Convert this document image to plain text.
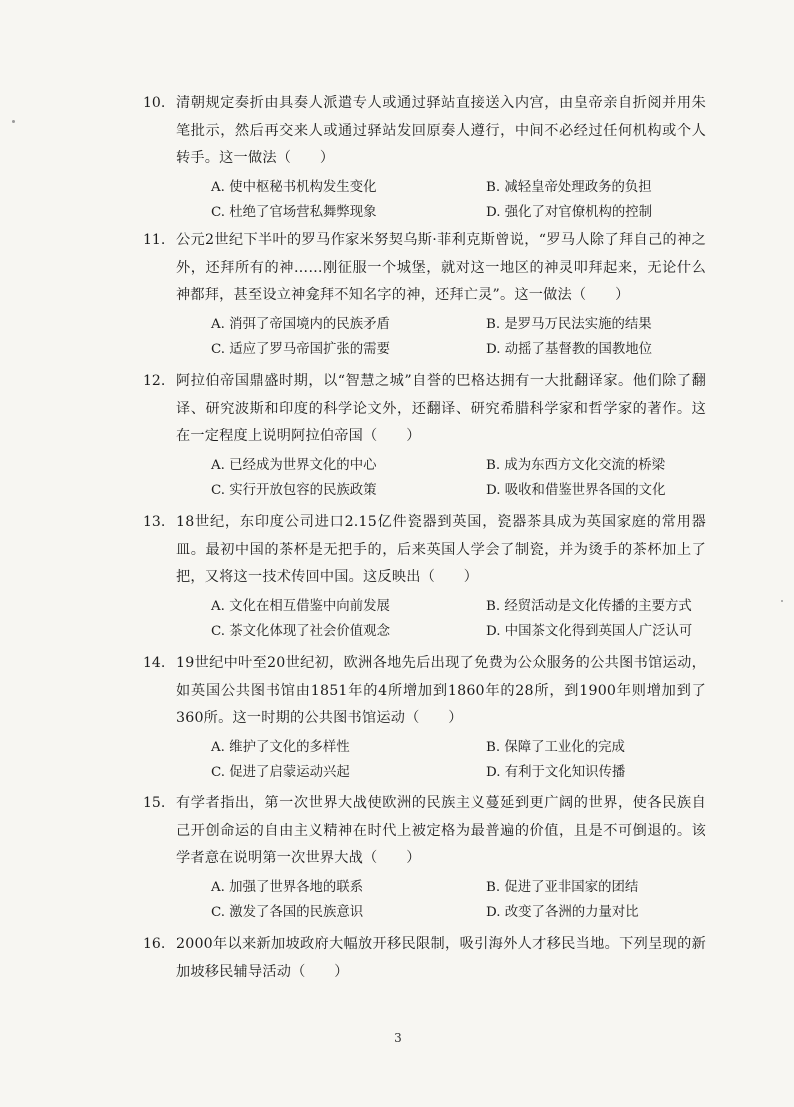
10. 清朝规定奏折由具奏人派遣专人或通过驿站直接送入内宫，由皇帝亲自折阅并用朱笔批示，然后再交来人或通过驿站发回原奏人遵行，中间不必经过任何机构或个人转手。这一做法（　　）

A. 使中枢秘书机构发生变化	B. 减轻皇帝处理政务的负担
C. 杜绝了官场营私舞弊现象	D. 强化了对官僚机构的控制
11. 公元2世纪下半叶的罗马作家米努契乌斯·菲利克斯曾说，“罗马人除了拜自己的神之外，还拜所有的神……刚征服一个城堡，就对这一地区的神灵叩拜起来，无论什么神都拜，甚至设立神龛拜不知名字的神，还拜亡灵”。这一做法（　　）

A. 消弭了帝国境内的民族矛盾	B. 是罗马万民法实施的结果
C. 适应了罗马帝国扩张的需要	D. 动摇了基督教的国教地位
12. 阿拉伯帝国鼎盛时期，以“智慧之城”自誉的巴格达拥有一大批翻译家。他们除了翻译、研究波斯和印度的科学论文外，还翻译、研究希腊科学家和哲学家的著作。这在一定程度上说明阿拉伯帝国（　　）

A. 已经成为世界文化的中心	B. 成为东西方文化交流的桥梁
C. 实行开放包容的民族政策	D. 吸收和借鉴世界各国的文化
13. 18世纪，东印度公司进口2.15亿件瓷器到英国，瓷器茶具成为英国家庭的常用器皿。最初中国的茶杯是无把手的，后来英国人学会了制瓷，并为烫手的茶杯加上了把，又将这一技术传回中国。这反映出（　　）

A. 文化在相互借鉴中向前发展	B. 经贸活动是文化传播的主要方式
C. 茶文化体现了社会价值观念	D. 中国茶文化得到英国人广泛认可
14. 19世纪中叶至20世纪初，欧洲各地先后出现了免费为公众服务的公共图书馆运动，如英国公共图书馆由1851年的4所增加到1860年的28所，到1900年则增加到了360所。这一时期的公共图书馆运动（　　）

A. 维护了文化的多样性	B. 保障了工业化的完成
C. 促进了启蒙运动兴起	D. 有利于文化知识传播
15. 有学者指出，第一次世界大战使欧洲的民族主义蔓延到更广阔的世界，使各民族自己开创命运的自由主义精神在时代上被定格为最普遍的价值，且是不可倒退的。该学者意在说明第一次世界大战（　　）

A. 加强了世界各地的联系	B. 促进了亚非国家的团结
C. 激发了各国的民族意识	D. 改变了各洲的力量对比
16. 2000年以来新加坡政府大幅放开移民限制，吸引海外人才移民当地。下列呈现的新加坡移民辅导活动（　　）

3
